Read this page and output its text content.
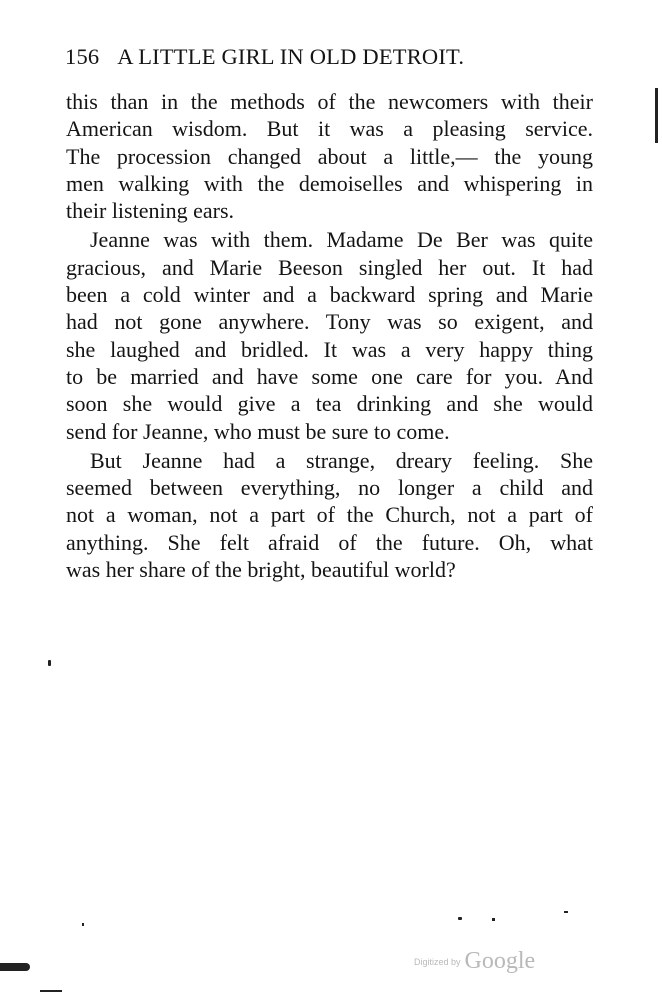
156 A LITTLE GIRL IN OLD DETROIT.

this than in the methods of the newcomers with their
American wisdom. But it was a pleasing service.
The procession changed about a little,— the young
men walking with the demoiselles and whispering in
their listening ears.

Jeanne was with them. Madame De Ber was quite
gracious, and Marie Beeson singled her out. It had
been a cold winter and a backward spring and Marie
had not gone anywhere. Tony was so exigent, and
she laughed and bridled. It was a very happy thing
to be married and have some one care for you. And
soon she would give a tea drinking and she would
send for Jeanne, who must be sure to come.

But Jeanne had a strange, dreary feeling. She
seemed between everything, no longer a child and
not a woman, not a part of the Church, not a part of
anything. She felt afraid of the future. Oh, what
was her share of the bright, beautiful world?

Digitized by Google
